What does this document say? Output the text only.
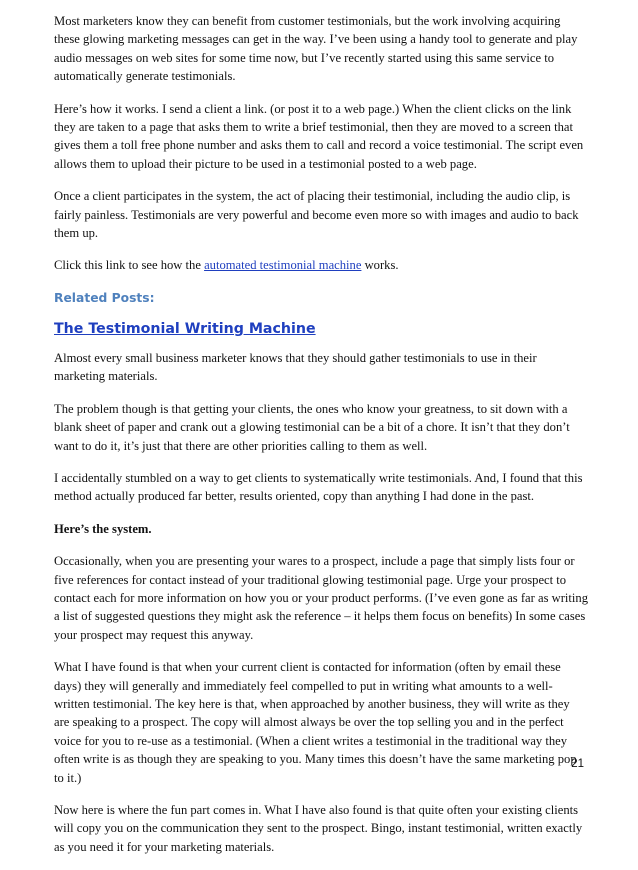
Most marketers know they can benefit from customer testimonials, but the work involving acquiring these glowing marketing messages can get in the way. I’ve been using a handy tool to generate and play audio messages on web sites for some time now, but I’ve recently started using this same service to automatically generate testimonials.

Here’s how it works. I send a client a link. (or post it to a web page.) When the client clicks on the link they are taken to a page that asks them to write a brief testimonial, then they are moved to a screen that gives them a toll free phone number and asks them to call and record a voice testimonial. The script even allows them to upload their picture to be used in a testimonial posted to a web page.

Once a client participates in the system, the act of placing their testimonial, including the audio clip, is fairly painless. Testimonials are very powerful and become even more so with images and audio to back them up.

Click this link to see how the automated testimonial machine works.

Related Posts:
The Testimonial Writing Machine

Almost every small business marketer knows that they should gather testimonials to use in their marketing materials.

The problem though is that getting your clients, the ones who know your greatness, to sit down with a blank sheet of paper and crank out a glowing testimonial can be a bit of a chore. It isn’t that they don’t want to do it, it’s just that there are other priorities calling to them as well.

I accidentally stumbled on a way to get clients to systematically write testimonials. And, I found that this method actually produced far better, results oriented, copy than anything I had done in the past.

Here’s the system.

Occasionally, when you are presenting your wares to a prospect, include a page that simply lists four or five references for contact instead of your traditional glowing testimonial page. Urge your prospect to contact each for more information on how you or your product performs. (I’ve even gone as far as writing a list of suggested questions they might ask the reference – it helps them focus on benefits) In some cases your prospect may request this anyway.

What I have found is that when your current client is contacted for information (often by email these days) they will generally and immediately feel compelled to put in writing what amounts to a well-written testimonial. The key here is that, when approached by another business, they will write as they are speaking to a prospect. The copy will almost always be over the top selling you and in the perfect voice for you to re-use as a testimonial. (When a client writes a testimonial in the traditional way they often write is as though they are speaking to you. Many times this doesn’t have the same marketing pop to it.)

Now here is where the fun part comes in. What I have also found is that quite often your existing clients will copy you on the communication they sent to the prospect. Bingo, instant testimonial, written exactly as you need it for your marketing materials.

21
